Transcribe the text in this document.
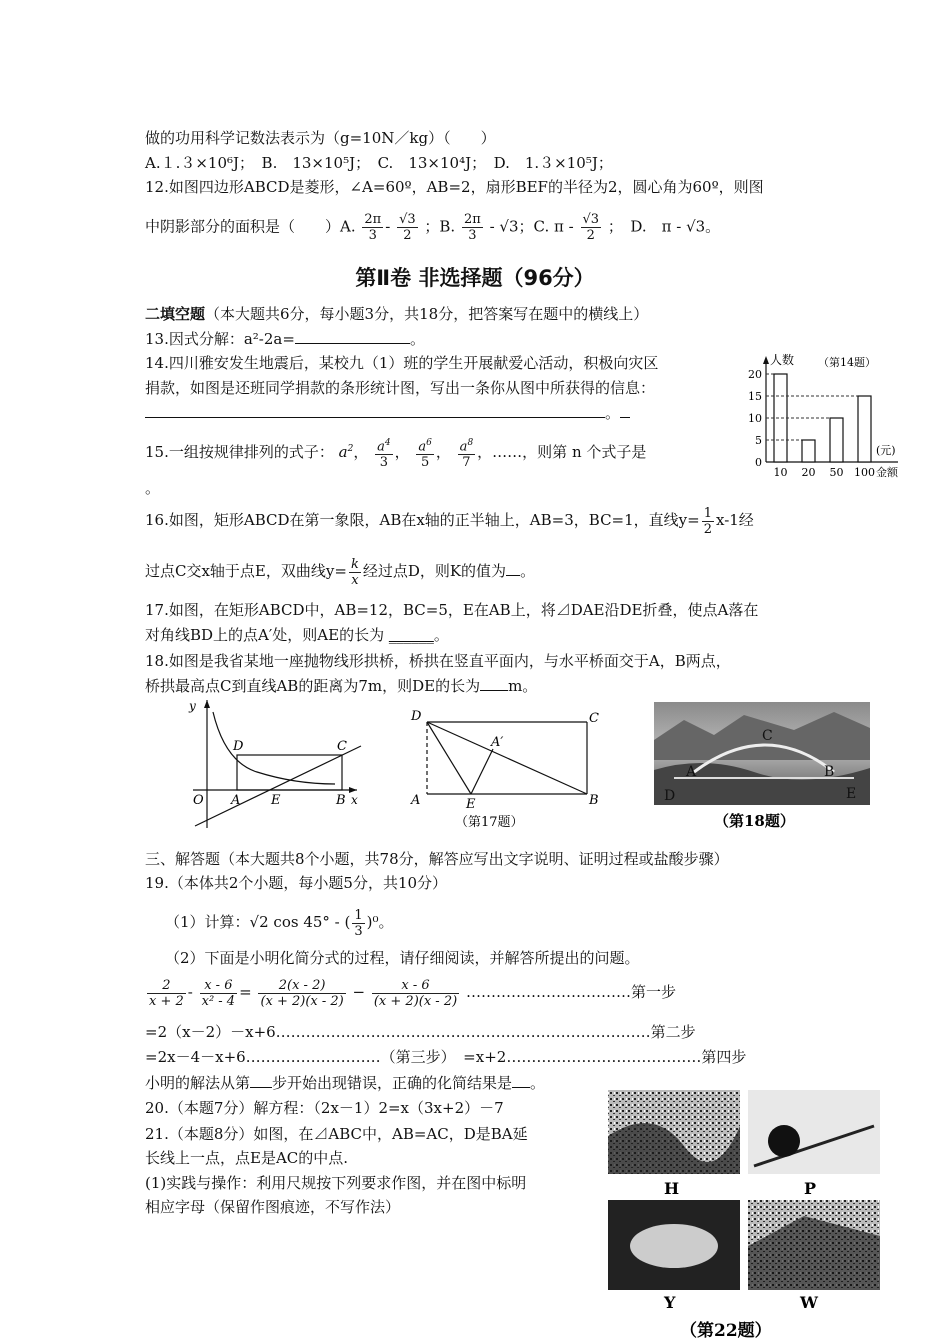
做的功用科学记数法表示为（g=10N／kg）（　　）
A.１.３×10⁶J；　B.　13×10⁵J；　C.　13×10⁴J；　D.　1.３×10⁵J；
12.如图四边形ABCD是菱形，∠A=60º，AB=2，扇形BEF的半径为2，圆心角为60º，则图
中阴影部分的面积是（　　）A. $\frac{2\pi}{3} - \frac{√3}{2}$ ；B. $\frac{2\pi}{3} - √3$；C. π - $\frac{√3}{2}$ ；　D.　π - √3。
第Ⅱ卷 非选择题（96分）
二填空题（本大题共6分，每小题3分，共18分，把答案写在题中的横线上）
13.因式分解：a²-2a=	。
14.四川雅安发生地震后，某校九（1）班的学生开展献爱心活动，积极向灾区
捐款，如图是还班同学捐款的条形统计图，写出一条你从图中所获得的信息：
。
15.一组按规律排列的式子： $a^2$， $\frac{a^4}{3}$ ， $\frac{a^6}{5}$ ， $\frac{a^8}{7}$ ，……，则第 n 个式子是
。
0
5
10
15
20
10 20 50 100
人数 （第14题）
(元)
金额
16.如图，矩形ABCD在第一象限，AB在x轴的正半轴上，AB=3，BC=1，直线$y= \frac{1}{2} x-1$经
过点C交x轴于点E，双曲线$y= \frac{k}{x}$ 经过点D，则K的值为 。
17.如图，在矩形ABCD中，AB=12，BC=5，E在AB上，将⊿DAE沿DE折叠，使点A落在
对角线BD上的点A′处，则AE的长为 ______。
18.如图是我省某地一座抛物线形拱桥，桥拱在竖直平面内，与水平桥面交于A，B两点，
桥拱最高点C到直线AB的距离为7m，则DE的长为 m。
y
D	C
O A E	B x
D	C
A′
A	E	B
（第17题）
C
A	B
D	E
（第18题）
三、解答题（本大题共8个小题，共78分，解答应写出文字说明、证明过程或盐酸步骤）
19.（本体共2个小题，每小题5分，共10分）
（1）计算：√2 cos 45° - ( $\frac{1}{3} )^0$。
（2）下面是小明化简分式的过程，请仔细阅读，并解答所提出的问题。
$\frac{2}{x + 2} - \frac{x - 6}{\text{x² - 4}} = \frac{2(x - 2)}{(x + 2)(x - 2)} - \frac{x - 6}{(x + 2)(x - 2)}$ ……………………………第一步
=2（x－2）－x+6…………………………………………………………………第二步
=2x－4－x+6………………………（第三步）　=x+2…………………………………第四步
小明的解法从第 步开始出现错误，正确的化简结果是 。
20.（本题7分）解方程：（2x－1）2=x（3x+2）－7
21.（本题8分）如图，在⊿ABC中，AB=AC，D是BA延
长线上一点，点E是AC的中点.
(1)实践与操作：利用尺规按下列要求作图，并在图中标明
相应字母（保留作图痕迹，不写作法）
H	P
Y	W
（第22题）
